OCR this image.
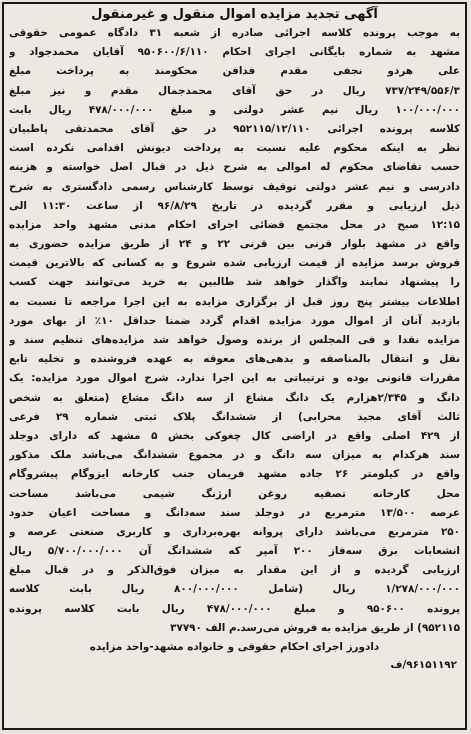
آگهی تجدید مزایده اموال منقول و غیرمنقول
به موجب پرونده کلاسه اجرائی صادره از شعبه ۳۱ دادگاه عمومی حقوقی
مشهد به شماره بایگانی اجرای احکام ۹۵۰۶۰۰/۶/۱۱۰ آقایان محمدجواد و
علی هردو نجفی مقدم فدافن محکومند به پرداخت مبلغ
۷۳۷/۲۴۹/۵۵۶/۳ ریال در حق آقای محمدجمال مقدم و نیز مبلغ
۱۰۰/۰۰۰/۰۰۰ ریال نیم عشر دولتی و مبلغ ۴۷۸/۰۰۰/۰۰۰ ریال بابت
کلاسه پرونده اجرائی ۹۵۲۱۱۵/۱۲/۱۱۰ در حق آقای محمدتقی پاطبیان
نظر به اینکه محکوم علیه نسبت به پرداخت دیونش اقدامی نکرده است
حسب تقاضای محکوم له اموالی به شرح ذیل در قبال اصل خواسته و هزینه
دادرسی و نیم عشر دولتی توقیف توسط کارشناس رسمی دادگستری به شرح
ذیل ارزیابی و مقرر گردیده در تاریخ ۹۶/۸/۲۹ از ساعت ۱۱:۳۰ الی
۱۲:۱۵ صبح در محل مجتمع قضائی اجرای احکام مدنی مشهد واحد مزایده
واقع در مشهد بلوار قرنی بین قرنی ۲۲ و ۲۴ از طریق مزایده حضوری به
فروش برسد مزایده از قیمت ارزیابی شده شروع و به کسانی که بالاترین قیمت
را پیشنهاد نمایند واگذار خواهد شد طالبین به خرید می‌توانند جهت کسب
اطلاعات بیشتر پنج روز قبل از برگزاری مزایده به این اجرا مراجعه تا نسبت به
بازدید آنان از اموال مورد مزایده اقدام گردد ضمنا حداقل ۱۰٪ از بهای مورد
مزایده نقدا و فی المجلس از برنده وصول خواهد شد مزایده‌های تنظیم سند و
نقل و انتقال بالمناصفه و بدهی‌های معوقه به عهده فروشنده و تخلیه تابع
مقررات قانونی بوده و ترتیباتی به این اجرا ندارد. شرح اموال مورد مزایده: یک
دانگ و ۲/۳۴۵هزارم یک دانگ مشاع از سه دانگ مشاع (متعلق به شخص
ثالث آقای مجید محرابی) از ششدانگ پلاک ثبتی شماره ۲۹ فرعی
از ۴۲۹ اصلی واقع در اراضی کال چغوکی بخش ۵ مشهد که دارای دوجلد
سند هرکدام به میزان سه دانگ و در مجموع ششدانگ می‌باشد ملک مذکور
واقع در کیلومتر ۲۶ جاده مشهد فریمان جنب کارخانه ایزوگام پیشروگام
محل کارخانه تصفیه روغن ارژنگ شیمی می‌باشد مساحت
عرصه ۱۳/۵۰۰ مترمربع در دوجلد سند سه‌دانگ و مساحت اعیان حدود
۲۵۰ مترمربع می‌باشد دارای پروانه بهره‌برداری و کاربری صنعتی عرصه و
انشعابات برق سه‌فاز ۲۰۰ آمپر که ششدانگ آن ۵/۷۰۰/۰۰۰/۰۰۰ ریال
ارزیابی گردیده و از این مقدار به میزان فوق‌الذکر و در قبال مبلغ
۱/۲۷۸/۰۰۰/۰۰۰ ریال (شامل ۸۰۰/۰۰۰/۰۰۰ ریال بابت کلاسه
پرونده ۹۵۰۶۰۰ و مبلغ ۴۷۸/۰۰۰/۰۰۰ ریال بابت کلاسه پرونده
۹۵۲۱۱۵) از طریق مزایده به فروش می‌رسد.م الف ۳۷۷۹۰
دادورز اجرای احکام حقوقی و خانواده مشهد-واحد مزایده
۹۶۱۵۱۱۹۲/ف
